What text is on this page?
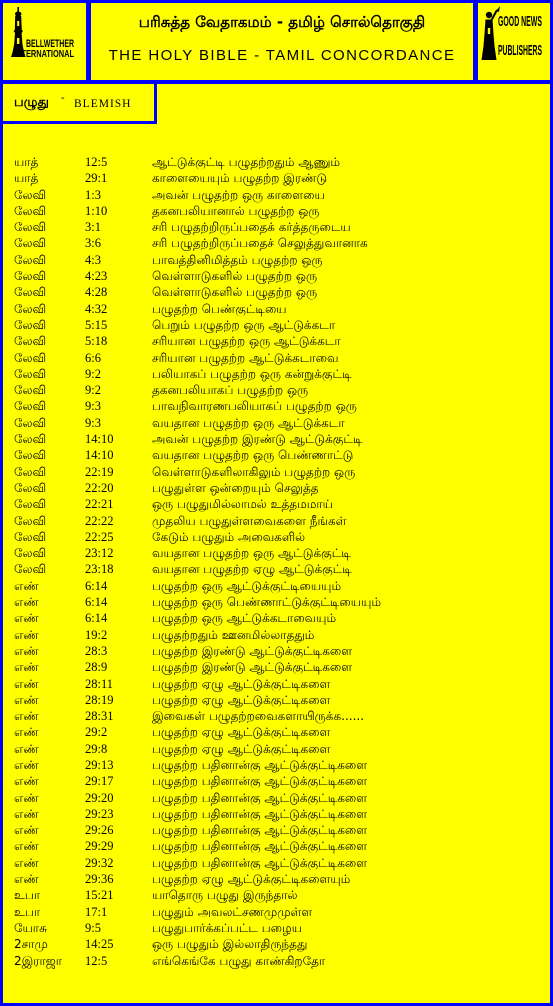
BELLWETHER
INTERNATIONAL
பரிசுத்த வேதாகமம் - தமிழ் சொல்தொகுதி
THE HOLY BIBLE - TAMIL CONCORDANCE
GOOD NEWS
PUBLISHERS
பழுது - BLEMISH
யாத்	12:5	ஆட்டுக்குட்டி பழுதற்றதும் ஆணும்
யாத்	29:1	காளையையும் பழுதற்ற இரண்டு
லேவி	1:3	அவன் பழுதற்ற ஒரு காளையை
லேவி	1:10	தகனபலியானால் பழுதற்ற ஒரு
லேவி	3:1	சரி பழுதற்றிருப்பதைக் கர்த்தருடைய
லேவி	3:6	சரி பழுதற்றிருப்பதைச் செலுத்துவானாக
லேவி	4:3	பாவத்தினிமித்தம் பழுதற்ற ஒரு
லேவி	4:23	வெள்ளாடுகளில் பழுதற்ற ஒரு
லேவி	4:28	வெள்ளாடுகளில் பழுதற்ற ஒரு
லேவி	4:32	பழுதற்ற பெண்குட்டியை
லேவி	5:15	பெறும் பழுதற்ற ஒரு ஆட்டுக்கடா
லேவி	5:18	சரியான பழுதற்ற ஒரு ஆட்டுக்கடா
லேவி	6:6	சரியான பழுதற்ற ஆட்டுக்கடாவை
லேவி	9:2	பலியாகப் பழுதற்ற ஒரு கன்றுக்குட்டி
லேவி	9:2	தகனபலியாகப் பழுதற்ற ஒரு
லேவி	9:3	பாவநிவாரணபலியாகப் பழுதற்ற ஒரு
லேவி	9:3	வயதான பழுதற்ற ஒரு ஆட்டுக்கடா
லேவி	14:10	அவன் பழுதற்ற இரண்டு ஆட்டுக்குட்டி
லேவி	14:10	வயதான பழுதற்ற ஒரு பெண்ணாட்டு
லேவி	22:19	வெள்ளாடுகளிலாகிலும் பழுதற்ற ஒரு
லேவி	22:20	பழுதுள்ள ஒன்றையும் செலுத்த
லேவி	22:21	ஒரு பழுதுமில்லாமல் உத்தமமாய்
லேவி	22:22	முதலிய பழுதுள்ளவைகளை நீங்கள்
லேவி	22:25	கேடும் பழுதும் அவைகளில்
லேவி	23:12	வயதான பழுதற்ற ஒரு ஆட்டுக்குட்டி
லேவி	23:18	வயதான பழுதற்ற ஏழு ஆட்டுக்குட்டி
எண்	6:14	பழுதற்ற ஒரு ஆட்டுக்குட்டியையும்
எண்	6:14	பழுதற்ற ஒரு பெண்ணாட்டுக்குட்டியையும்
எண்	6:14	பழுதற்ற ஒரு ஆட்டுக்கடாவையும்
எண்	19:2	பழுதற்றதும் ஊனமில்லாததும்
எண்	28:3	பழுதற்ற இரண்டு ஆட்டுக்குட்டிகளை
எண்	28:9	பழுதற்ற இரண்டு ஆட்டுக்குட்டிகளை
எண்	28:11	பழுதற்ற ஏழு ஆட்டுக்குட்டிகளை
எண்	28:19	பழுதற்ற ஏழு ஆட்டுக்குட்டிகளை
எண்	28:31	இவைகள் பழுதற்றவைகளாயிருக்க......
எண்	29:2	பழுதற்ற ஏழு ஆட்டுக்குட்டிகளை
எண்	29:8	பழுதற்ற ஏழு ஆட்டுக்குட்டிகளை
எண்	29:13	பழுதற்ற பதினான்கு ஆட்டுக்குட்டிகளை
எண்	29:17	பழுதற்ற பதினான்கு ஆட்டுக்குட்டிகளை
எண்	29:20	பழுதற்ற பதினான்கு ஆட்டுக்குட்டிகளை
எண்	29:23	பழுதற்ற பதினான்கு ஆட்டுக்குட்டிகளை
எண்	29:26	பழுதற்ற பதினான்கு ஆட்டுக்குட்டிகளை
எண்	29:29	பழுதற்ற பதினான்கு ஆட்டுக்குட்டிகளை
எண்	29:32	பழுதற்ற பதினான்கு ஆட்டுக்குட்டிகளை
எண்	29:36	பழுதற்ற ஏழு ஆட்டுக்குட்டிகளையும்
உபா	15:21	யாதொரு பழுது இருந்தால்
உபா	17:1	பழுதும் அவலட்சணமுமுள்ள
யோசு	9:5	பழுதுபார்க்கப்பட்ட பழைய
2சாமு	14:25	ஒரு பழுதும் இல்லாதிருந்தது
2இராஜா	12:5	எங்கெங்கே பழுது காண்கிறதோ
